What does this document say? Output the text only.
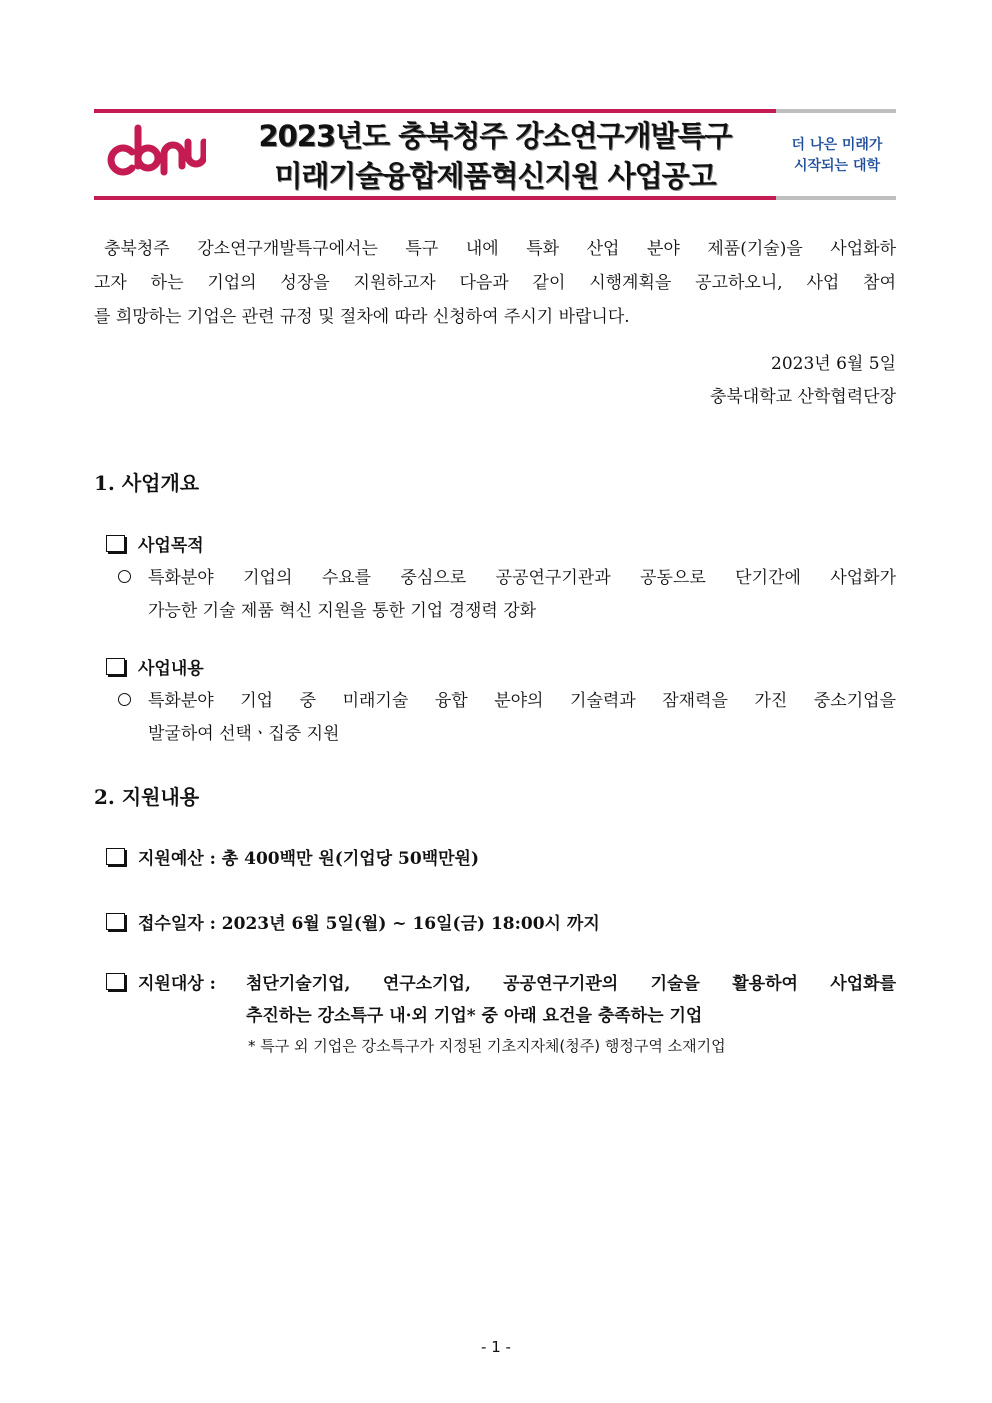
2023년도 충북청주 강소연구개발특구
미래기술융합제품혁신지원 사업공고
더 나은 미래가
시작되는 대학
충북청주 강소연구개발특구에서는 특구 내에 특화 산업 분야 제품(기술)을 사업화하
고자 하는 기업의 성장을 지원하고자 다음과 같이 시행계획을 공고하오니, 사업 참여
를 희망하는 기업은 관련 규정 및 절차에 따라 신청하여 주시기 바랍니다.
2023년 6월 5일
충북대학교 산학협력단장
1. 사업개요
사업목적
특화분야 기업의 수요를 중심으로 공공연구기관과 공동으로 단기간에 사업화가
가능한 기술 제품 혁신 지원을 통한 기업 경쟁력 강화
사업내용
특화분야 기업 중 미래기술 융합 분야의 기술력과 잠재력을 가진 중소기업을
발굴하여 선택ㆍ집중 지원
2. 지원내용
지원예산 : 총 400백만 원(기업당 50백만원)
접수일자 : 2023년 6월 5일(월) ~ 16일(금) 18:00시 까지
지원대상 : 첨단기술기업, 연구소기업, 공공연구기관의 기술을 활용하여 사업화를
추진하는 강소특구 내·외 기업* 중 아래 요건을 충족하는 기업
* 특구 외 기업은 강소특구가 지정된 기초지자체(청주) 행정구역 소재기업
- 1 -
